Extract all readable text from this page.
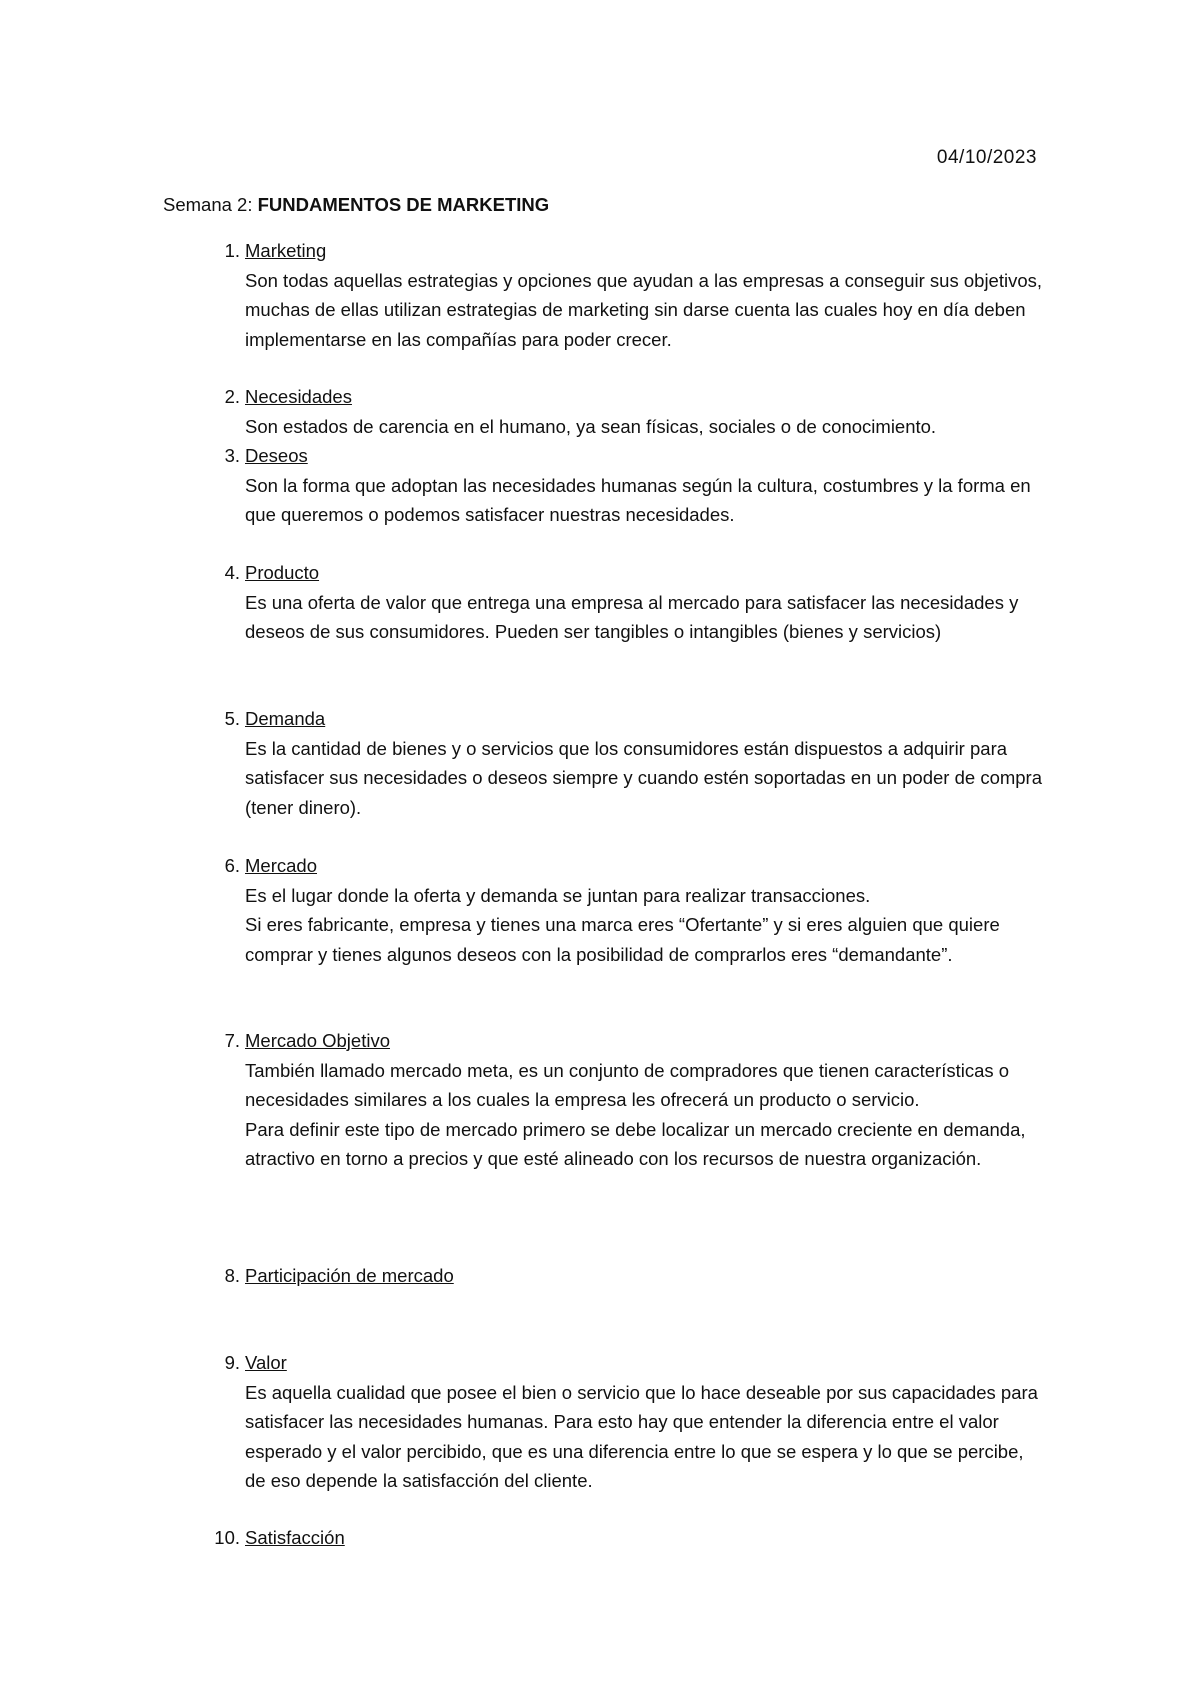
04/10/2023
Semana 2: FUNDAMENTOS DE MARKETING
1. Marketing

Son todas aquellas estrategias y opciones que ayudan a las empresas a conseguir sus objetivos, muchas de ellas utilizan estrategias de marketing sin darse cuenta las cuales hoy en día deben implementarse en las compañías para poder crecer.

2. Necesidades

Son estados de carencia en el humano, ya sean físicas, sociales o de conocimiento.

3. Deseos

Son la forma que adoptan las necesidades humanas según la cultura, costumbres y la forma en que queremos o podemos satisfacer nuestras necesidades.

4. Producto

Es una oferta de valor que entrega una empresa al mercado para satisfacer las necesidades y deseos de sus consumidores. Pueden ser tangibles o intangibles (bienes y servicios)

5. Demanda

Es la cantidad de bienes y o servicios que los consumidores están dispuestos a adquirir para satisfacer sus necesidades o deseos siempre y cuando estén soportadas en un poder de compra (tener dinero).

6. Mercado

Es el lugar donde la oferta y demanda se juntan para realizar transacciones.

Si eres fabricante, empresa y tienes una marca eres “Ofertante” y si eres alguien que quiere comprar y tienes algunos deseos con la posibilidad de comprarlos eres “demandante”.

7. Mercado Objetivo

También llamado mercado meta, es un conjunto de compradores que tienen características o necesidades similares a los cuales la empresa les ofrecerá un producto o servicio.

Para definir este tipo de mercado primero se debe localizar un mercado creciente en demanda, atractivo en torno a precios y que esté alineado con los recursos de nuestra organización.

8. Participación de mercado
9. Valor

Es aquella cualidad que posee el bien o servicio que lo hace deseable por sus capacidades para satisfacer las necesidades humanas. Para esto hay que entender la diferencia entre el valor esperado y el valor percibido, que es una diferencia entre lo que se espera y lo que se percibe, de eso depende la satisfacción del cliente.

10. Satisfacción
